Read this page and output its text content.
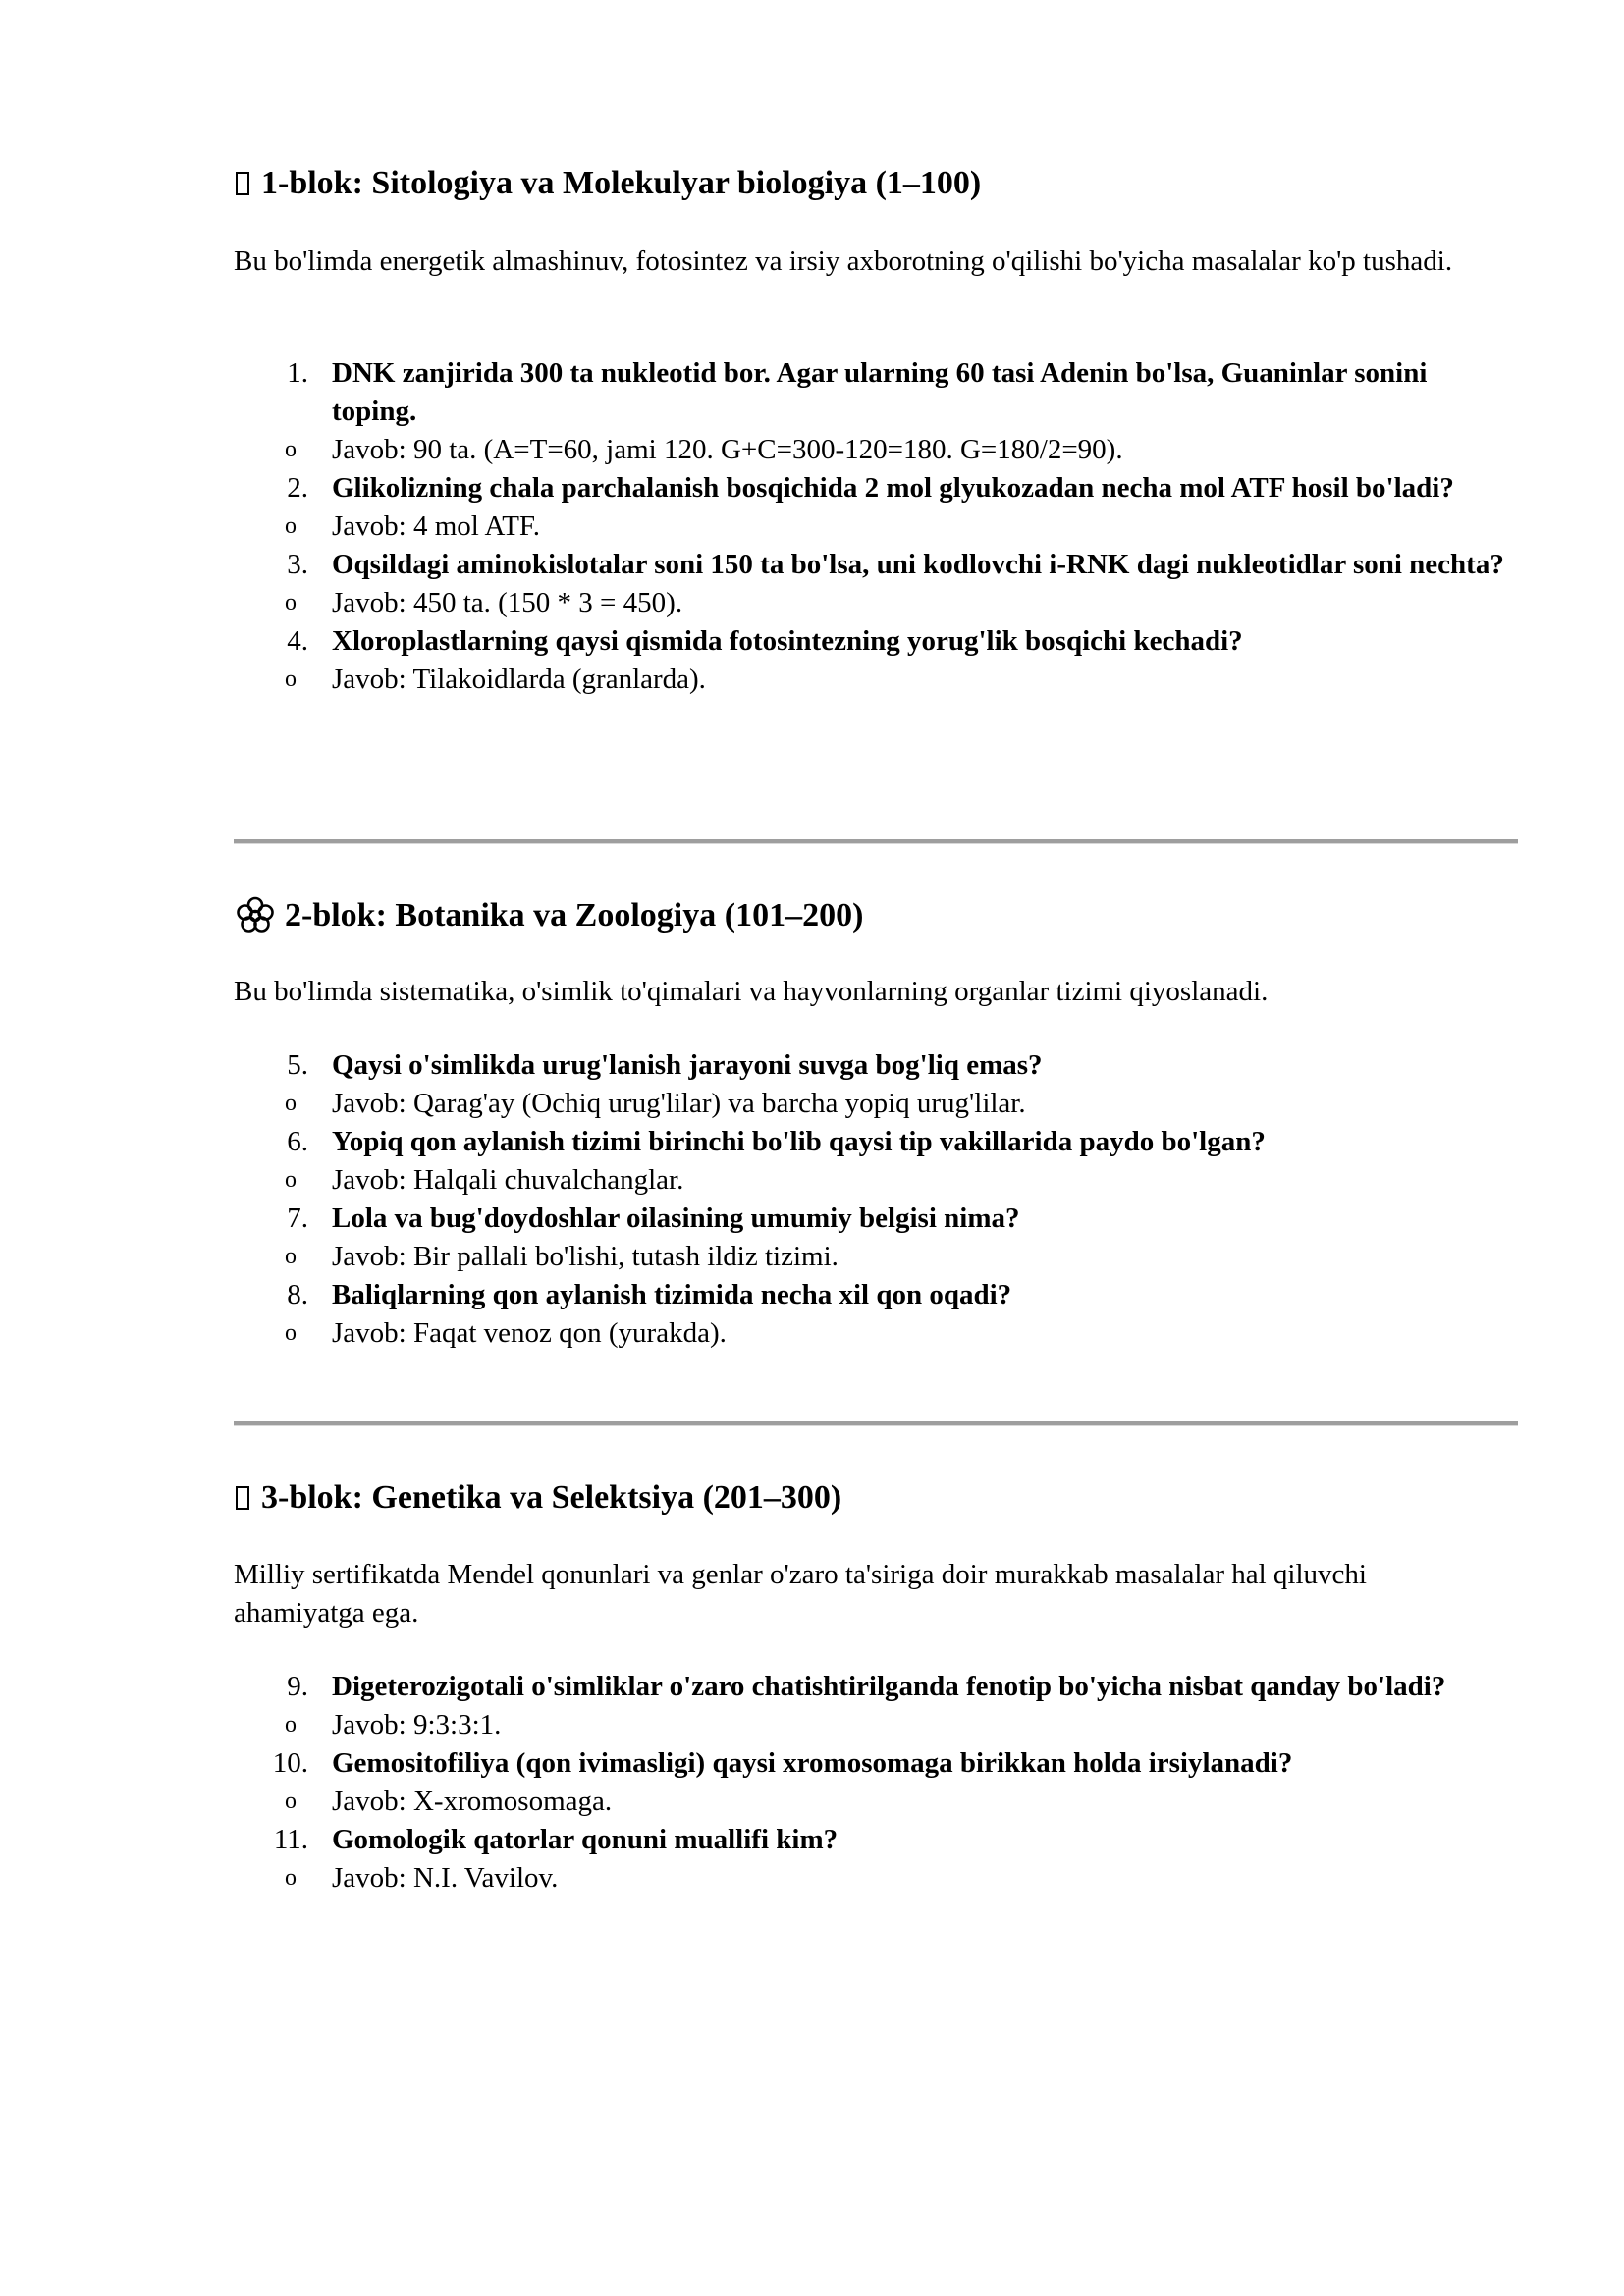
1-blok: Sitologiya va Molekulyar biologiya (1–100)

Bu bo'limda energetik almashinuv, fotosintez va irsiy axborotning o'qilishi bo'yicha masalalar ko'p tushadi.

1. DNK zanjirida 300 ta nukleotid bor. Agar ularning 60 tasi Adenin bo'lsa, Guaninlar sonini toping.
o Javob: 90 ta. (A=T=60, jami 120. G+C=300-120=180. G=180/2=90).
2. Glikolizning chala parchalanish bosqichida 2 mol glyukozadan necha mol ATF hosil bo'ladi?
o Javob: 4 mol ATF.
3. Oqsildagi aminokislotalar soni 150 ta bo'lsa, uni kodlovchi i-RNK dagi nukleotidlar soni nechta?
o Javob: 450 ta. (150 * 3 = 450).
4. Xloroplastlarning qaysi qismida fotosintezning yorug'lik bosqichi kechadi?
o Javob: Tilakoidlarda (granlarda).
2-blok: Botanika va Zoologiya (101–200)

Bu bo'limda sistematika, o'simlik to'qimalari va hayvonlarning organlar tizimi qiyoslanadi.

5. Qaysi o'simlikda urug'lanish jarayoni suvga bog'liq emas?
o Javob: Qarag'ay (Ochiq urug'lilar) va barcha yopiq urug'lilar.
6. Yopiq qon aylanish tizimi birinchi bo'lib qaysi tip vakillarida paydo bo'lgan?
o Javob: Halqali chuvalchanglar.
7. Lola va bug'doydoshlar oilasining umumiy belgisi nima?
o Javob: Bir pallali bo'lishi, tutash ildiz tizimi.
8. Baliqlarning qon aylanish tizimida necha xil qon oqadi?
o Javob: Faqat venoz qon (yurakda).
3-blok: Genetika va Selektsiya (201–300)

Milliy sertifikatda Mendel qonunlari va genlar o'zaro ta'siriga doir murakkab masalalar hal qiluvchi ahamiyatga ega.

9. Digeterozigotali o'simliklar o'zaro chatishtirilganda fenotip bo'yicha nisbat qanday bo'ladi?
o Javob: 9:3:3:1.
10. Gemositofiliya (qon ivimasligi) qaysi xromosomaga birikkan holda irsiylanadi?
o Javob: X-xromosomaga.
11. Gomologik qatorlar qonuni muallifi kim?
o Javob: N.I. Vavilov.
